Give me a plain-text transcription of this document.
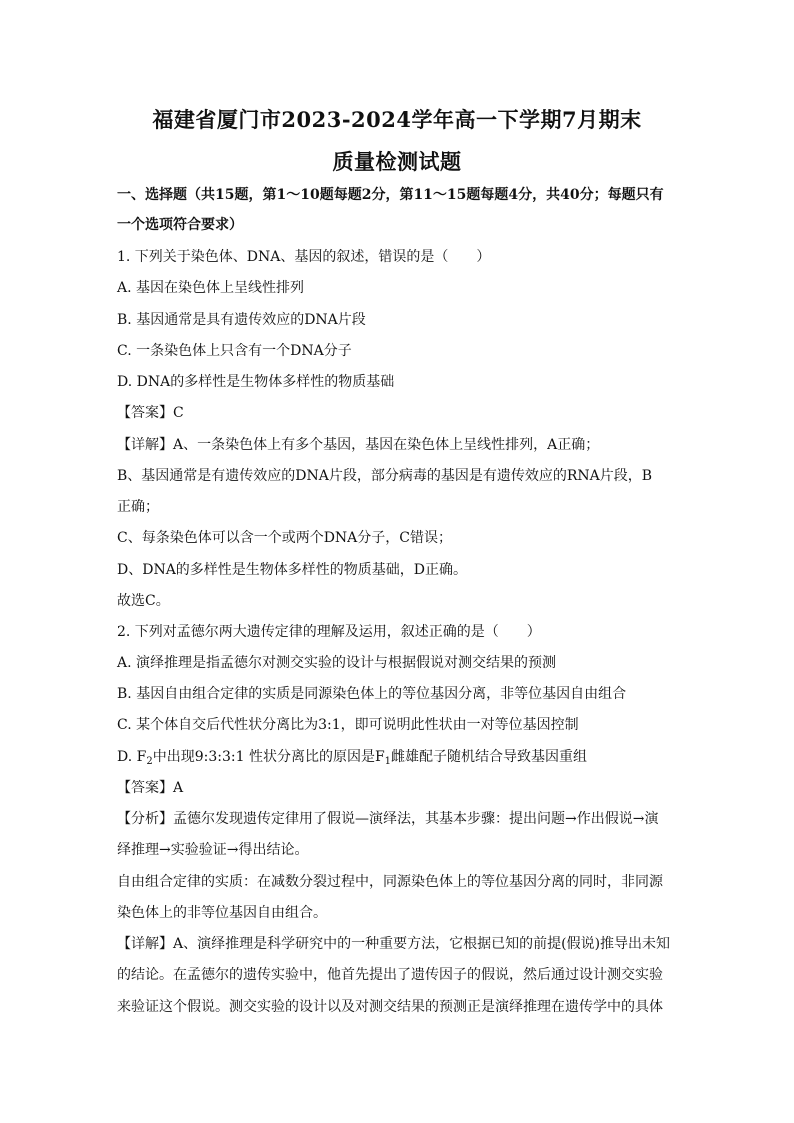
福建省厦门市2023-2024学年高一下学期7月期末
质量检测试题
一、选择题（共15题，第1～10题每题2分，第11～15题每题4分，共40分；每题只有
一个选项符合要求）
1. 下列关于染色体、DNA、基因的叙述，错误的是（　　）
A. 基因在染色体上呈线性排列
B. 基因通常是具有遗传效应的DNA片段
C. 一条染色体上只含有一个DNA分子
D. DNA的多样性是生物体多样性的物质基础
【答案】C
【详解】A、一条染色体上有多个基因，基因在染色体上呈线性排列，A正确；
B、基因通常是有遗传效应的DNA片段，部分病毒的基因是有遗传效应的RNA片段，B
正确；
C、每条染色体可以含一个或两个DNA分子，C错误；
D、DNA的多样性是生物体多样性的物质基础，D正确。
故选C。
2. 下列对孟德尔两大遗传定律的理解及运用，叙述正确的是（　　）
A. 演绎推理是指孟德尔对测交实验的设计与根据假说对测交结果的预测
B. 基因自由组合定律的实质是同源染色体上的等位基因分离，非等位基因自由组合
C. 某个体自交后代性状分离比为3:1，即可说明此性状由一对等位基因控制
D. $F_2$中出现9:3:3:1 性状分离比的原因是$F_1$雌雄配子随机结合导致基因重组
【答案】A
【分析】孟德尔发现遗传定律用了假说—演绎法，其基本步骤：提出问题→作出假说→演
绎推理→实验验证→得出结论。
自由组合定律的实质：在减数分裂过程中，同源染色体上的等位基因分离的同时，非同源
染色体上的非等位基因自由组合。
【详解】A、演绎推理是科学研究中的一种重要方法，它根据已知的前提(假说)推导出未知
的结论。在孟德尔的遗传实验中，他首先提出了遗传因子的假说，然后通过设计测交实验
来验证这个假说。测交实验的设计以及对测交结果的预测正是演绎推理在遗传学中的具体
